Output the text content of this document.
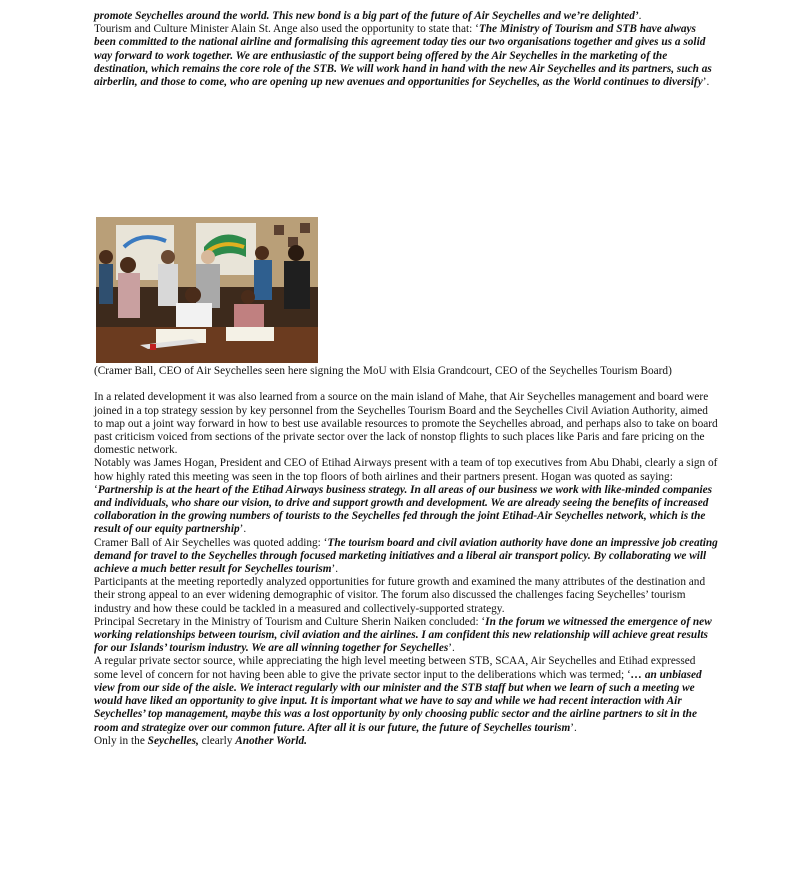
promote Seychelles around the world. This new bond is a big part of the future of Air Seychelles and we’re delighted’.

Tourism and Culture Minister Alain St. Ange also used the opportunity to state that: ‘The Ministry of Tourism and STB have always been committed to the national airline and formalising this agreement today ties our two organisations together and gives us a solid way forward to work together. We are enthusiastic of the support being offered by the Air Seychelles in the marketing of the destination, which remains the core role of the STB. We will work hand in hand with the new Air Seychelles and its partners, such as airberlin, and those to come, who are opening up new avenues and opportunities for Seychelles, as the World continues to diversify’.

(Cramer Ball, CEO of Air Seychelles seen here signing the MoU with Elsia Grandcourt, CEO of the Seychelles Tourism Board)

In a related development it was also learned from a source on the main island of Mahe, that Air Seychelles management and board were joined in a top strategy session by key personnel from the Seychelles Tourism Board and the Seychelles Civil Aviation Authority, aimed to map out a joint way forward in how to best use available resources to promote the Seychelles abroad, and perhaps also to take on board past criticism voiced from sections of the private sector over the lack of nonstop flights to such places like Paris and fare pricing on the domestic network.

Notably was James Hogan, President and CEO of Etihad Airways present with a team of top executives from Abu Dhabi, clearly a sign of how highly rated this meeting was seen in the top floors of both airlines and their partners present. Hogan was quoted as saying: ‘Partnership is at the heart of the Etihad Airways business strategy. In all areas of our business we work with like-minded companies and individuals, who share our vision, to drive and support growth and development. We are already seeing the benefits of increased collaboration in the growing numbers of tourists to the Seychelles fed through the joint Etihad-Air Seychelles network, which is the result of our equity partnership’.

Cramer Ball of Air Seychelles was quoted adding: ‘The tourism board and civil aviation authority have done an impressive job creating demand for travel to the Seychelles through focused marketing initiatives and a liberal air transport policy. By collaborating we will achieve a much better result for Seychelles tourism’.

Participants at the meeting reportedly analyzed opportunities for future growth and examined the many attributes of the destination and their strong appeal to an ever widening demographic of visitor. The forum also discussed the challenges facing Seychelles’ tourism industry and how these could be tackled in a measured and collectively-supported strategy.

Principal Secretary in the Ministry of Tourism and Culture Sherin Naiken concluded: ‘In the forum we witnessed the emergence of new working relationships between tourism, civil aviation and the airlines. I am confident this new relationship will achieve great results for our Islands’ tourism industry. We are all winning together for Seychelles’.

A regular private sector source, while appreciating the high level meeting between STB, SCAA, Air Seychelles and Etihad expressed some level of concern for not having been able to give the private sector input to the deliberations which was termed; ‘… an unbiased view from our side of the aisle. We interact regularly with our minister and the STB staff but when we learn of such a meeting we would have liked an opportunity to give input. It is important what we have to say and while we had recent interaction with Air Seychelles’ top management, maybe this was a lost opportunity by only choosing public sector and the airline partners to sit in the room and strategize over our common future. After all it is our future, the future of Seychelles tourism’.

Only in the Seychelles, clearly Another World.
